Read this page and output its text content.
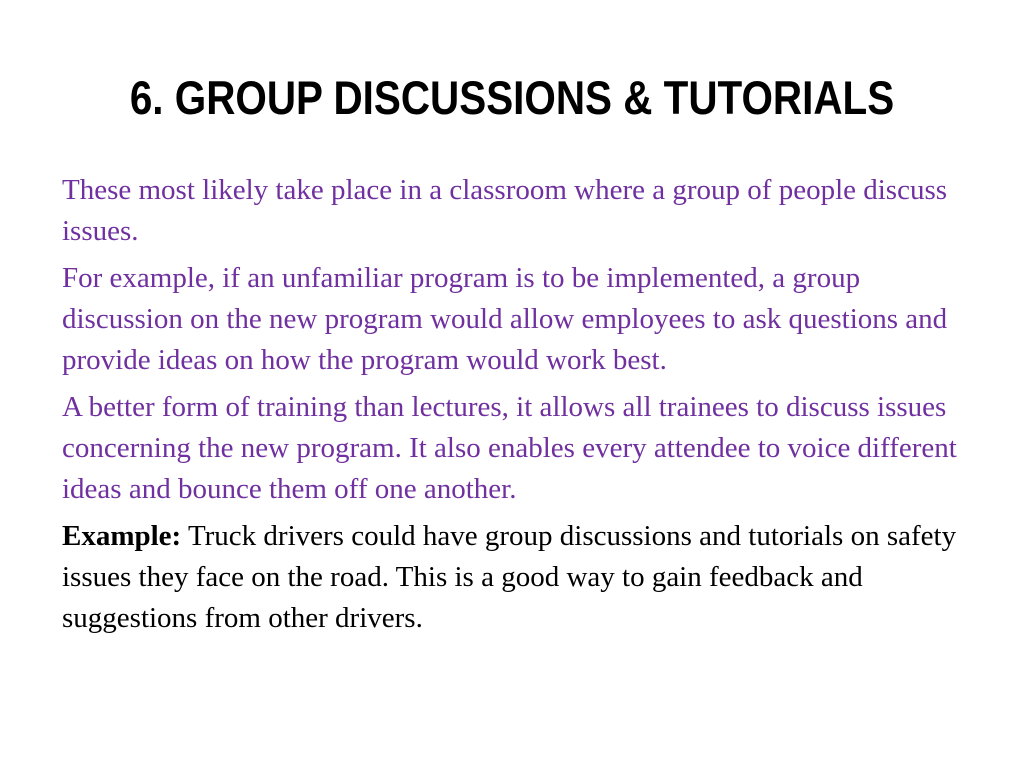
6. GROUP DISCUSSIONS & TUTORIALS

These most likely take place in a classroom where a group of people discuss issues.

For example, if an unfamiliar program is to be implemented, a group discussion on the new program would allow employees to ask questions and provide ideas on how the program would work best.

A better form of training than lectures, it allows all trainees to discuss issues concerning the new program. It also enables every attendee to voice different ideas and bounce them off one another.

Example: Truck drivers could have group discussions and tutorials on safety issues they face on the road. This is a good way to gain feedback and suggestions from other drivers.
